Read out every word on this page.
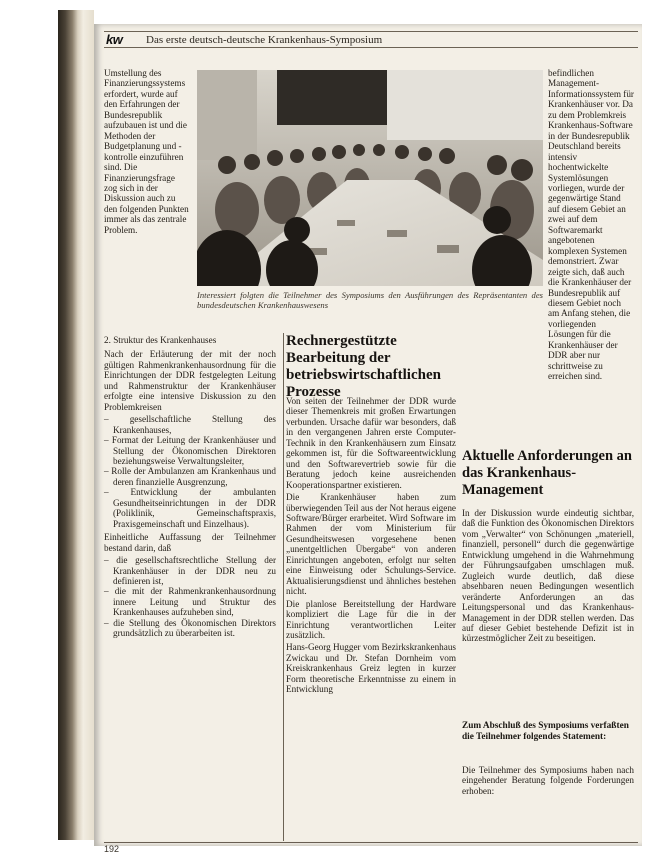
kw Das erste deutsch-deutsche Krankenhaus-Symposium

Umstellung des Finanzierungssystems erfordert, wurde auf den Erfahrungen der Bundesrepublik aufzubauen ist und die Methoden der Budgetplanung und -kontrolle einzuführen sind. Die Finanzierungsfrage zog sich in der Diskussion auch zu den folgenden Punkten immer als das zentrale Problem.

Interessiert folgten die Teilnehmer des Symposiums den Ausführungen des Repräsentanten des bundesdeutschen Krankenhauswesens

befindlichen Management-Informationssystem für Krankenhäuser vor. Da zu dem Problemkreis Krankenhaus-Software in der Bundesrepublik Deutschland bereits intensiv hochentwickelte Systemlösungen vorliegen, wurde der gegenwärtige Stand auf diesem Gebiet an zwei auf dem Softwaremarkt angebotenen komplexen Systemen demonstriert. Zwar zeigte sich, daß auch die Krankenhäuser der Bundesrepublik auf diesem Gebiet noch am Anfang stehen, die vorliegenden Lösungen für die Krankenhäuser der DDR aber nur schrittweise zu erreichen sind.

2. Struktur des Krankenhauses

Nach der Erläuterung der mit der noch gültigen Rahmenkrankenhausordnung für die Einrichtungen der DDR festgelegten Leitung und Rahmenstruktur der Krankenhäuser erfolgte eine intensive Diskussion zu den Problemkreisen

– gesellschaftliche Stellung des Krankenhauses,
– Format der Leitung der Krankenhäuser und Stellung der Ökonomischen Direktoren beziehungsweise Verwaltungsleiter,
– Rolle der Ambulanzen am Krankenhaus und deren finanzielle Ausgrenzung,
– Entwicklung der ambulanten Gesundheitseinrichtungen in der DDR (Poliklinik, Gemeinschaftspraxis, Praxisgemeinschaft und Einzelhaus).

Einheitliche Auffassung der Teilnehmer bestand darin, daß

– die gesellschaftsrechtliche Stellung der Krankenhäuser in der DDR neu zu definieren ist,
– die mit der Rahmenkrankenhausordnung innere Leitung und Struktur des Krankenhauses aufzuheben sind,
– die Stellung des Ökonomischen Direktors grundsätzlich zu überarbeiten ist.
Rechnergestützte Bearbeitung der betriebswirtschaftlichen Prozesse

Von seiten der Teilnehmer der DDR wurde dieser Themenkreis mit großen Erwartungen verbunden. Ursache dafür war besonders, daß in den vergangenen Jahren erste Computer-Technik in den Krankenhäusern zum Einsatz gekommen ist, für die Softwareentwicklung und den Softwarevertrieb sowie für die Beratung jedoch keine ausreichenden Kooperationspartner existieren.

Die Krankenhäuser haben zum überwiegenden Teil aus der Not heraus eigene Software/Bürger erarbeitet. Wird Software im Rahmen der vom Ministerium für Gesundheitswesen vorgesehene benen „unentgeltlichen Übergabe“ von anderen Einrichtungen angeboten, erfolgt nur selten eine Einweisung oder Schulungs-Service. Aktualisierungsdienst und ähnliches bestehen nicht.

Die planlose Bereitstellung der Hardware kompliziert die Lage für die in der Einrichtung verantwortlichen Leiter zusätzlich.

Hans-Georg Hugger vom Bezirkskrankenhaus Zwickau und Dr. Stefan Dornheim vom Kreiskrankenhaus Greiz legten in kurzer Form theoretische Erkenntnisse zu einem in Entwicklung

Aktuelle Anforderungen an das Krankenhaus-Management

In der Diskussion wurde eindeutig sichtbar, daß die Funktion des Ökonomischen Direktors vom „Verwalter“ von Schönungen „materiell, finanziell, personell“ durch die gegenwärtige Entwicklung umgehend in die Wahrnehmung der Führungsaufgaben umschlagen muß. Zugleich wurde deutlich, daß diese absehbaren neuen Bedingungen wesentlich veränderte Anforderungen an das Leitungspersonal und das Krankenhaus-Management in der DDR stellen werden. Das auf dieser Gebiet bestehende Defizit ist in kürzestmöglicher Zeit zu beseitigen.

Zum Abschluß des Symposiums verfaßten die Teilnehmer folgendes Statement:

Die Teilnehmer des Symposiums haben nach eingehender Beratung folgende Forderungen erhoben:

192
